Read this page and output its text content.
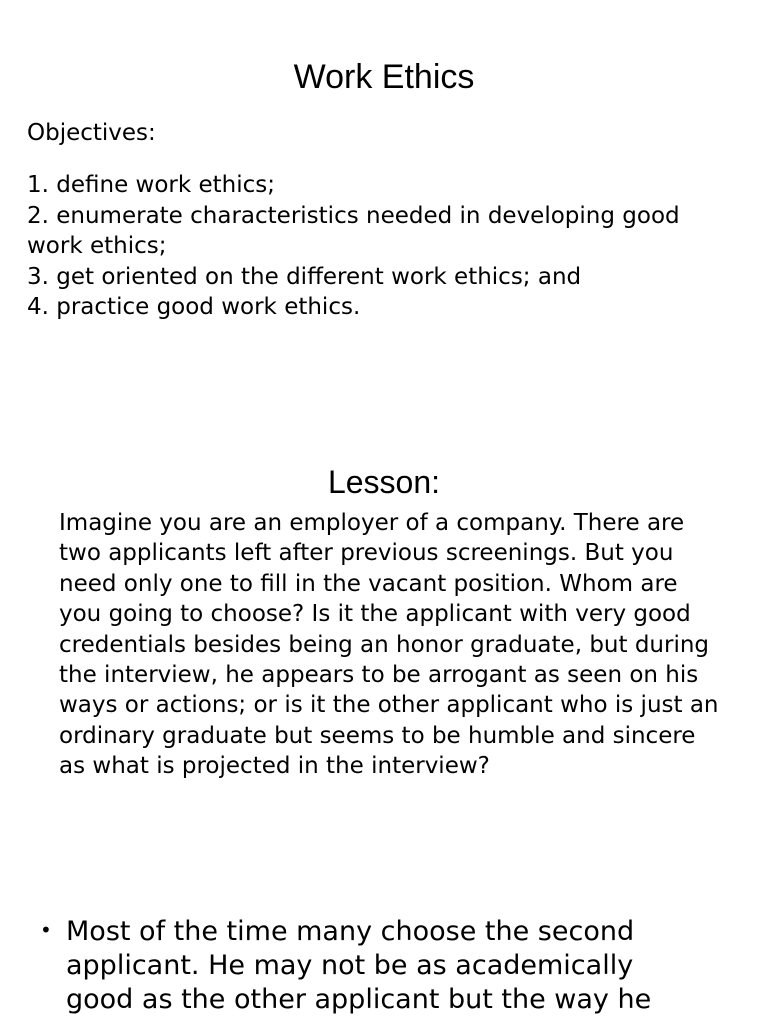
Work Ethics

Objectives:

1. define work ethics;
2. enumerate characteristics needed in developing good work ethics;
3. get oriented on the different work ethics; and
4. practice good work ethics.
Lesson:

Imagine you are an employer of a company. There are two applicants left after previous screenings. But you need only one to fill in the vacant position. Whom are you going to choose? Is it the applicant with very good credentials besides being an honor graduate, but during the interview, he appears to be arrogant as seen on his ways or actions; or is it the other applicant who is just an ordinary graduate but seems to be humble and sincere as what is projected in the interview?

• Most of the time many choose the second applicant. He may not be as academically good as the other applicant but the way he
